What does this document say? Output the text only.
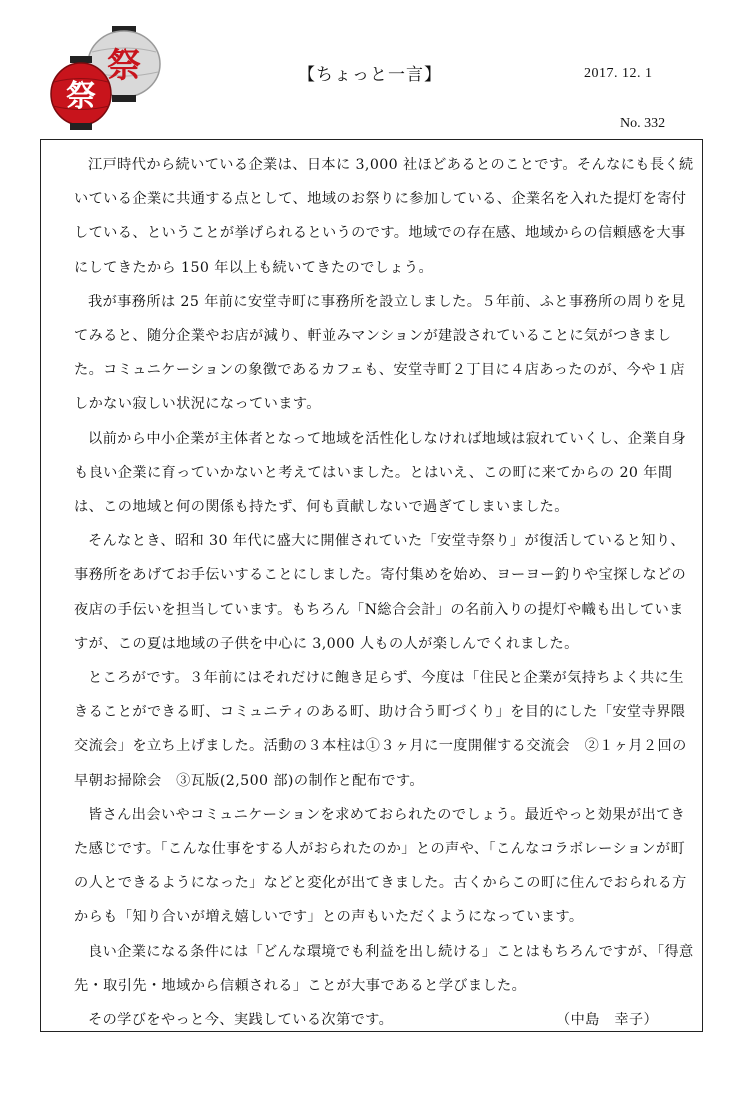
祭
祭
【ちょっと一言】	2017. 12. 1
No. 332

江戸時代から続いている企業は、日本に 3,000 社ほどあるとのことです。そんなにも長く続いている企業に共通する点として、地域のお祭りに参加している、企業名を入れた提灯を寄付している、ということが挙げられるというのです。地域での存在感、地域からの信頼感を大事にしてきたから 150 年以上も続いてきたのでしょう。

我が事務所は 25 年前に安堂寺町に事務所を設立しました。５年前、ふと事務所の周りを見てみると、随分企業やお店が減り、軒並みマンションが建設されていることに気がつきました。コミュニケーションの象徴であるカフェも、安堂寺町２丁目に４店あったのが、今や１店しかない寂しい状況になっています。

以前から中小企業が主体者となって地域を活性化しなければ地域は寂れていくし、企業自身も良い企業に育っていかないと考えてはいました。とはいえ、この町に来てからの 20 年間は、この地域と何の関係も持たず、何も貢献しないで過ぎてしまいました。

そんなとき、昭和 30 年代に盛大に開催されていた「安堂寺祭り」が復活していると知り、事務所をあげてお手伝いすることにしました。寄付集めを始め、ヨーヨー釣りや宝探しなどの夜店の手伝いを担当しています。もちろん「N総合会計」の名前入りの提灯や幟も出していますが、この夏は地域の子供を中心に 3,000 人もの人が楽しんでくれました。

ところがです。３年前にはそれだけに飽き足らず、今度は「住民と企業が気持ちよく共に生きることができる町、コミュニティのある町、助け合う町づくり」を目的にした「安堂寺界隈交流会」を立ち上げました。活動の３本柱は①３ヶ月に一度開催する交流会　②１ヶ月２回の早朝お掃除会　③瓦版(2,500 部)の制作と配布です。

皆さん出会いやコミュニケーションを求めておられたのでしょう。最近やっと効果が出てきた感じです。「こんな仕事をする人がおられたのか」との声や、「こんなコラボレーションが町の人とできるようになった」などと変化が出てきました。古くからこの町に住んでおられる方からも「知り合いが増え嬉しいです」との声もいただくようになっています。

良い企業になる条件には「どんな環境でも利益を出し続ける」ことはもちろんですが、「得意先・取引先・地域から信頼される」ことが大事であると学びました。

その学びをやっと今、実践している次第です。	（中島　幸子）
